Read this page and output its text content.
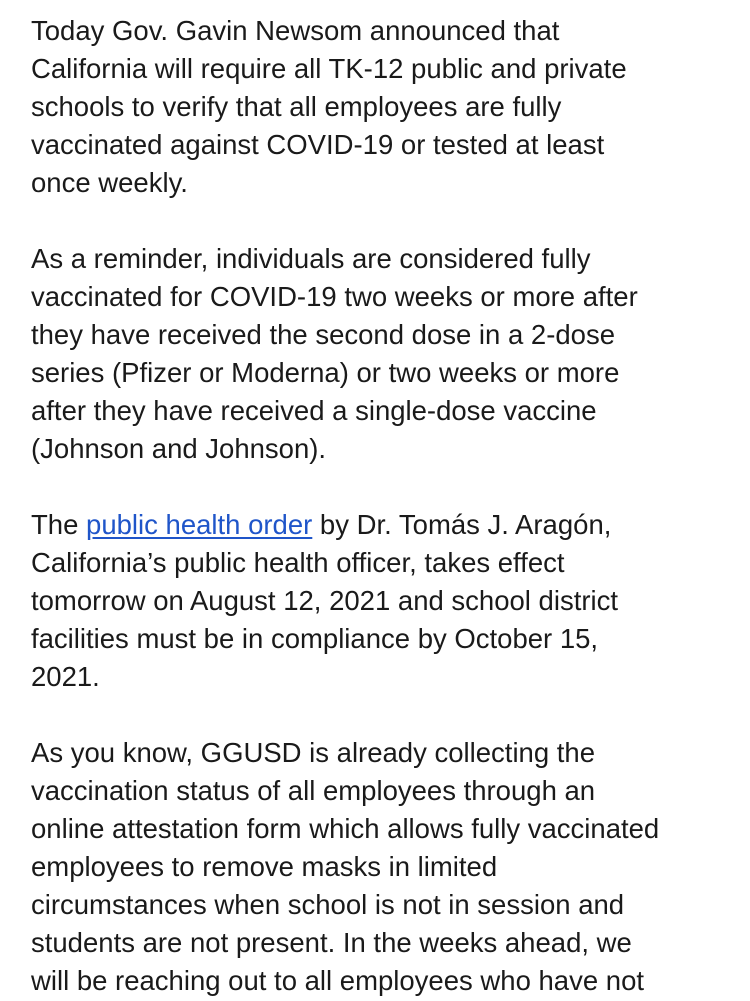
Today Gov. Gavin Newsom announced that
California will require all TK-12 public and private
schools to verify that all employees are fully
vaccinated against COVID-19 or tested at least
once weekly.
As a reminder, individuals are considered fully
vaccinated for COVID-19 two weeks or more after
they have received the second dose in a 2-dose
series (Pfizer or Moderna) or two weeks or more
after they have received a single-dose vaccine
(Johnson and Johnson).
The public health order by Dr. Tomás J. Aragón,
California’s public health officer, takes effect
tomorrow on August 12, 2021 and school district
facilities must be in compliance by October 15,
2021.
As you know, GGUSD is already collecting the
vaccination status of all employees through an
online attestation form which allows fully vaccinated
employees to remove masks in limited
circumstances when school is not in session and
students are not present. In the weeks ahead, we
will be reaching out to all employees who have not
